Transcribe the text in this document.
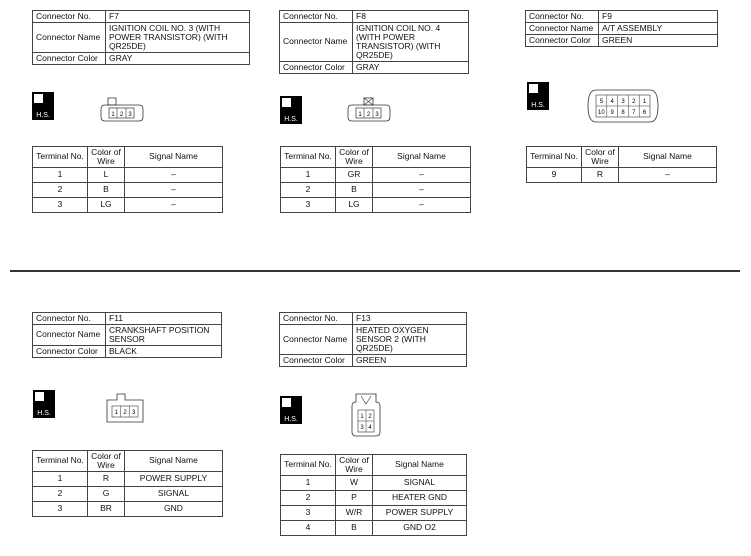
Connector No.	F7
Connector Name	IGNITION COIL NO. 3 (WITH POWER TRANSISTOR) (WITH QR25DE)
Connector Color	GRAY
H.S.	1 2 3
Terminal No.	Color of Wire	Signal Name
1	L	–
2	B	–
3	LG	–
Connector No.	F8
Connector Name	IGNITION COIL NO. 4 (WITH POWER TRANSISTOR) (WITH QR25DE)
Connector Color	GRAY
H.S.
1 2 3
Terminal No.	Color of Wire	Signal Name
1	GR	–
2	B	–
3	LG	–
Connector No.	F9
Connector Name	A/T ASSEMBLY
Connector Color	GREEN
H.S.	5 4 3 2 1
10 9 8 7 6
Terminal No.	Color of Wire	Signal Name
9	R	–
Connector No.	F11
Connector Name	CRANKSHAFT POSITION SENSOR
Connector Color	BLACK
H.S.	1 2 3
Terminal No.	Color of Wire	Signal Name
1	R	POWER SUPPLY
2	G	SIGNAL
3	BR	GND
Connector No.	F13
Connector Name	HEATED OXYGEN SENSOR 2 (WITH QR25DE)
Connector Color	GREEN
H.S.	1 2
3 4
Terminal No.	Color of Wire	Signal Name
1	W	SIGNAL
2	P	HEATER GND
3	W/R	POWER SUPPLY
4	B	GND O2
